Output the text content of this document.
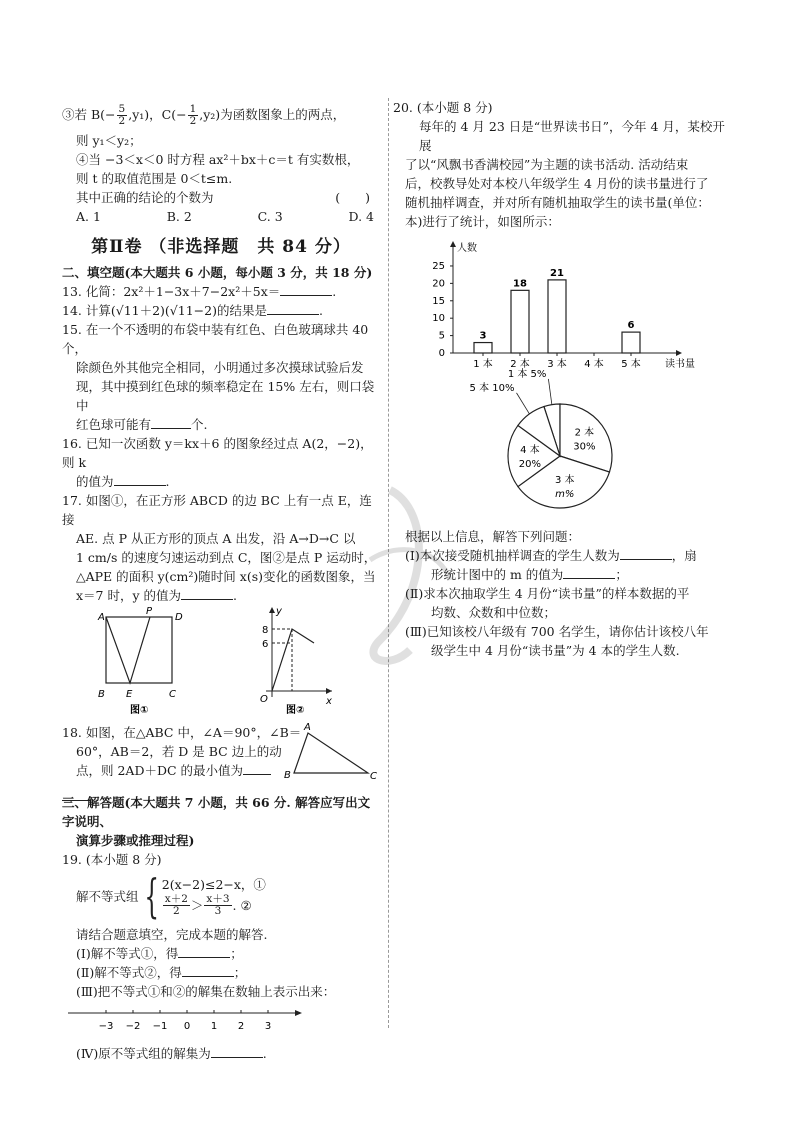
③若 $B(- \frac{5}{2} ,y_1)$，$C(- \frac{1}{2} ,y_2)$为函数图象上的两点，

则 y₁＜y₂；

④当 −3＜x＜0 时方程 ax²＋bx＋c＝t 有实数根，

则 t 的取值范围是 0＜t≤m.

其中正确的结论的个数为	(　　)

A. 1	B. 2	C. 3	D. 4

第Ⅱ卷 （非选择题　共 84 分）

二、填空题(本大题共 6 小题，每小题 3 分，共 18 分)

13. 化简：2x²＋1−3x＋7−2x²＋5x＝	.

14. 计算(√11＋2)(√11−2)的结果是	.

15. 在一个不透明的布袋中装有红色、白色玻璃球共 40 个，

除颜色外其他完全相同，小明通过多次摸球试验后发

现，其中摸到红色球的频率稳定在 15% 左右，则口袋中

红色球可能有	个.

16. 已知一次函数 y＝kx＋6 的图象经过点 A(2，−2)，则 k

的值为	.

17. 如图①，在正方形 ABCD 的边 BC 上有一点 E，连接

AE. 点 P 从正方形的顶点 A 出发，沿 A→D→C 以

1 cm/s 的速度匀速运动到点 C，图②是点 P 运动时，

△APE 的面积 y(cm²)随时间 x(s)变化的函数图象，当

x＝7 时，y 的值为	.

A
P
D
B E	C
图①
y
8
6
O	x
图②

18. 如图，在△ABC 中，∠A＝90°，∠B＝

60°，AB＝2，若 D 是 BC 边上的动

点，则 2AD＋DC 的最小值为

A
B	C

三、解答题(本大题共 7 小题，共 66 分. 解答应写出文字说明、

演算步骤或推理过程)

19. (本小题 8 分)

解不等式组 { 2(x−2)≤2−x，①
$\frac{x+2}{2} > \frac{x+3}{3}$ . ②

请结合题意填空，完成本题的解答.

(Ⅰ)解不等式①，得	；

(Ⅱ)解不等式②，得	；

(Ⅲ)把不等式①和②的解集在数轴上表示出来：

−3 −2 −1 0 1 2 3

(Ⅳ)原不等式组的解集为	.

20. (本小题 8 分)

每年的 4 月 23 日是“世界读书日”，今年 4 月，某校开展

了以“风飘书香满校园”为主题的读书活动. 活动结束

后，校教导处对本校八年级学生 4 月份的读书量进行了

随机抽样调查，并对所有随机抽取学生的读书量(单位：

本)进行了统计，如图所示：

人数
读书量
0
5
10
15
20
25
1 本
3
2 本
18
3 本
21
4 本 5 本
6

1 本 5%
2 本
30%
3 本
m%
4 本
20%
5 本 10%

根据以上信息，解答下列问题：

(Ⅰ)本次接受随机抽样调查的学生人数为	，扇

形统计图中的 m 的值为	；

(Ⅱ)求本次抽取学生 4 月份“读书量”的样本数据的平

均数、众数和中位数；

(Ⅲ)已知该校八年级有 700 名学生，请你估计该校八年

级学生中 4 月份“读书量”为 4 本的学生人数.
